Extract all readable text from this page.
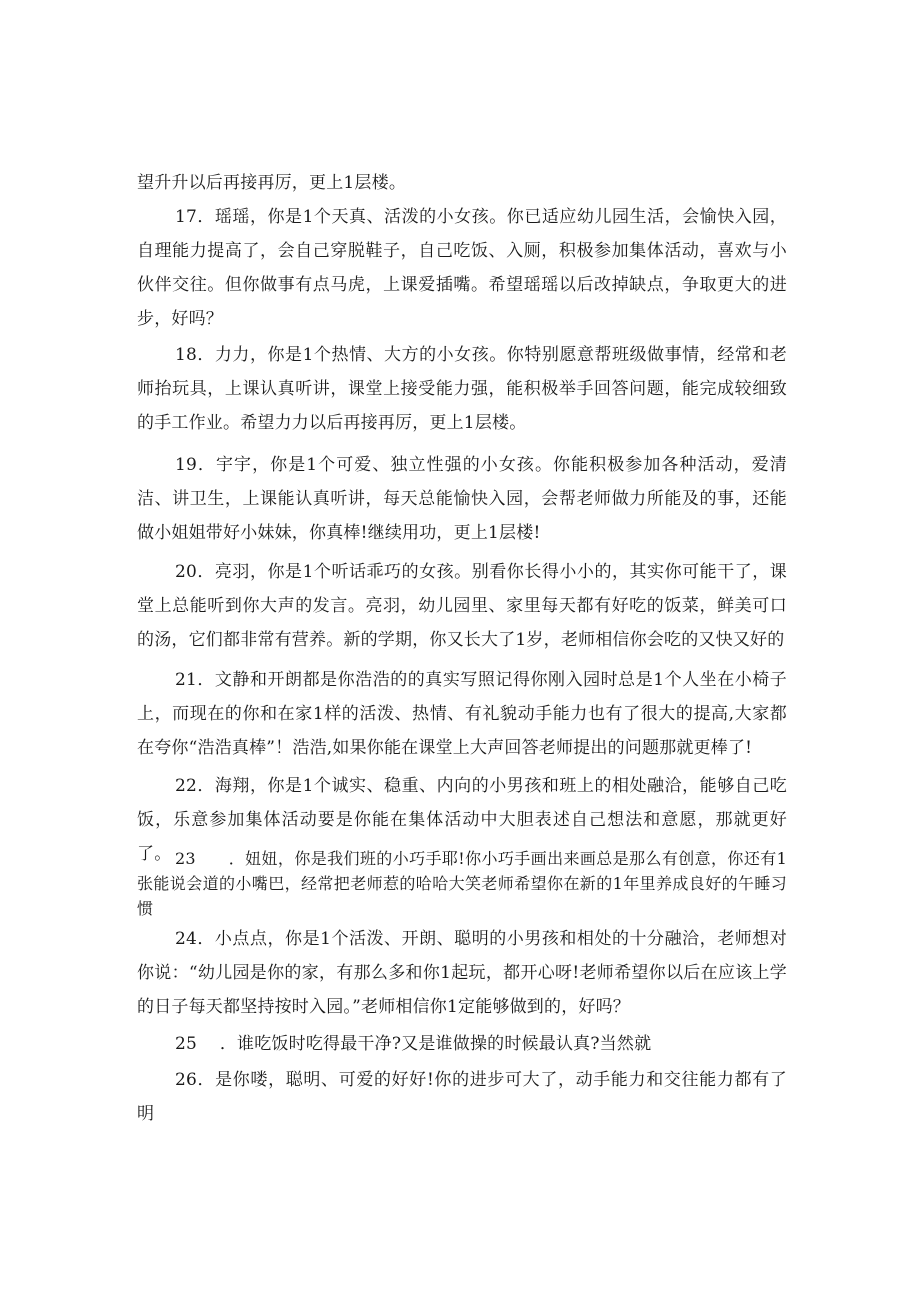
望升升以后再接再厉，更上1层楼。

17．瑶瑶，你是1个天真、活泼的小女孩。你已适应幼儿园生活，会愉快入园，自理能力提高了，会自己穿脱鞋子，自己吃饭、入厕，积极参加集体活动，喜欢与小伙伴交往。但你做事有点马虎，上课爱插嘴。希望瑶瑶以后改掉缺点，争取更大的进步，好吗？

18．力力，你是1个热情、大方的小女孩。你特别愿意帮班级做事情，经常和老师抬玩具，上课认真听讲，课堂上接受能力强，能积极举手回答问题，能完成较细致的手工作业。希望力力以后再接再厉，更上1层楼。

19．宇宇，你是1个可爱、独立性强的小女孩。你能积极参加各种活动，爱清洁、讲卫生，上课能认真听讲，每天总能愉快入园，会帮老师做力所能及的事，还能做小姐姐带好小妹妹，你真棒!继续用功，更上1层楼!

20．亮羽，你是1个听话乖巧的女孩。别看你长得小小的，其实你可能干了，课堂上总能听到你大声的发言。亮羽，幼儿园里、家里每天都有好吃的饭菜，鲜美可口的汤，它们都非常有营养。新的学期，你又长大了1岁，老师相信你会吃的又快又好的

21．文静和开朗都是你浩浩的的真实写照记得你刚入园时总是1个人坐在小椅子上，而现在的你和在家1样的活泼、热情、有礼貌动手能力也有了很大的提高,大家都在夸你“浩浩真棒”！浩浩,如果你能在课堂上大声回答老师提出的问题那就更棒了!

22．海翔，你是1个诚实、稳重、内向的小男孩和班上的相处融洽，能够自己吃饭，乐意参加集体活动要是你能在集体活动中大胆表述自己想法和意愿，那就更好了。 23　　．妞妞，你是我们班的小巧手耶!你小巧手画出来画总是那么有创意，你还有1张能说会道的小嘴巴，经常把老师惹的哈哈大笑老师希望你在新的1年里养成良好的午睡习惯

24．小点点，你是1个活泼、开朗、聪明的小男孩和相处的十分融洽，老师想对你说：“幼儿园是你的家，有那么多和你1起玩，都开心呀!老师希望你以后在应该上学的日子每天都坚持按时入园。”老师相信你1定能够做到的，好吗？

25　 ．谁吃饭时吃得最干净?又是谁做操的时候最认真?当然就

26．是你喽，聪明、可爱的好好!你的进步可大了，动手能力和交往能力都有了明
